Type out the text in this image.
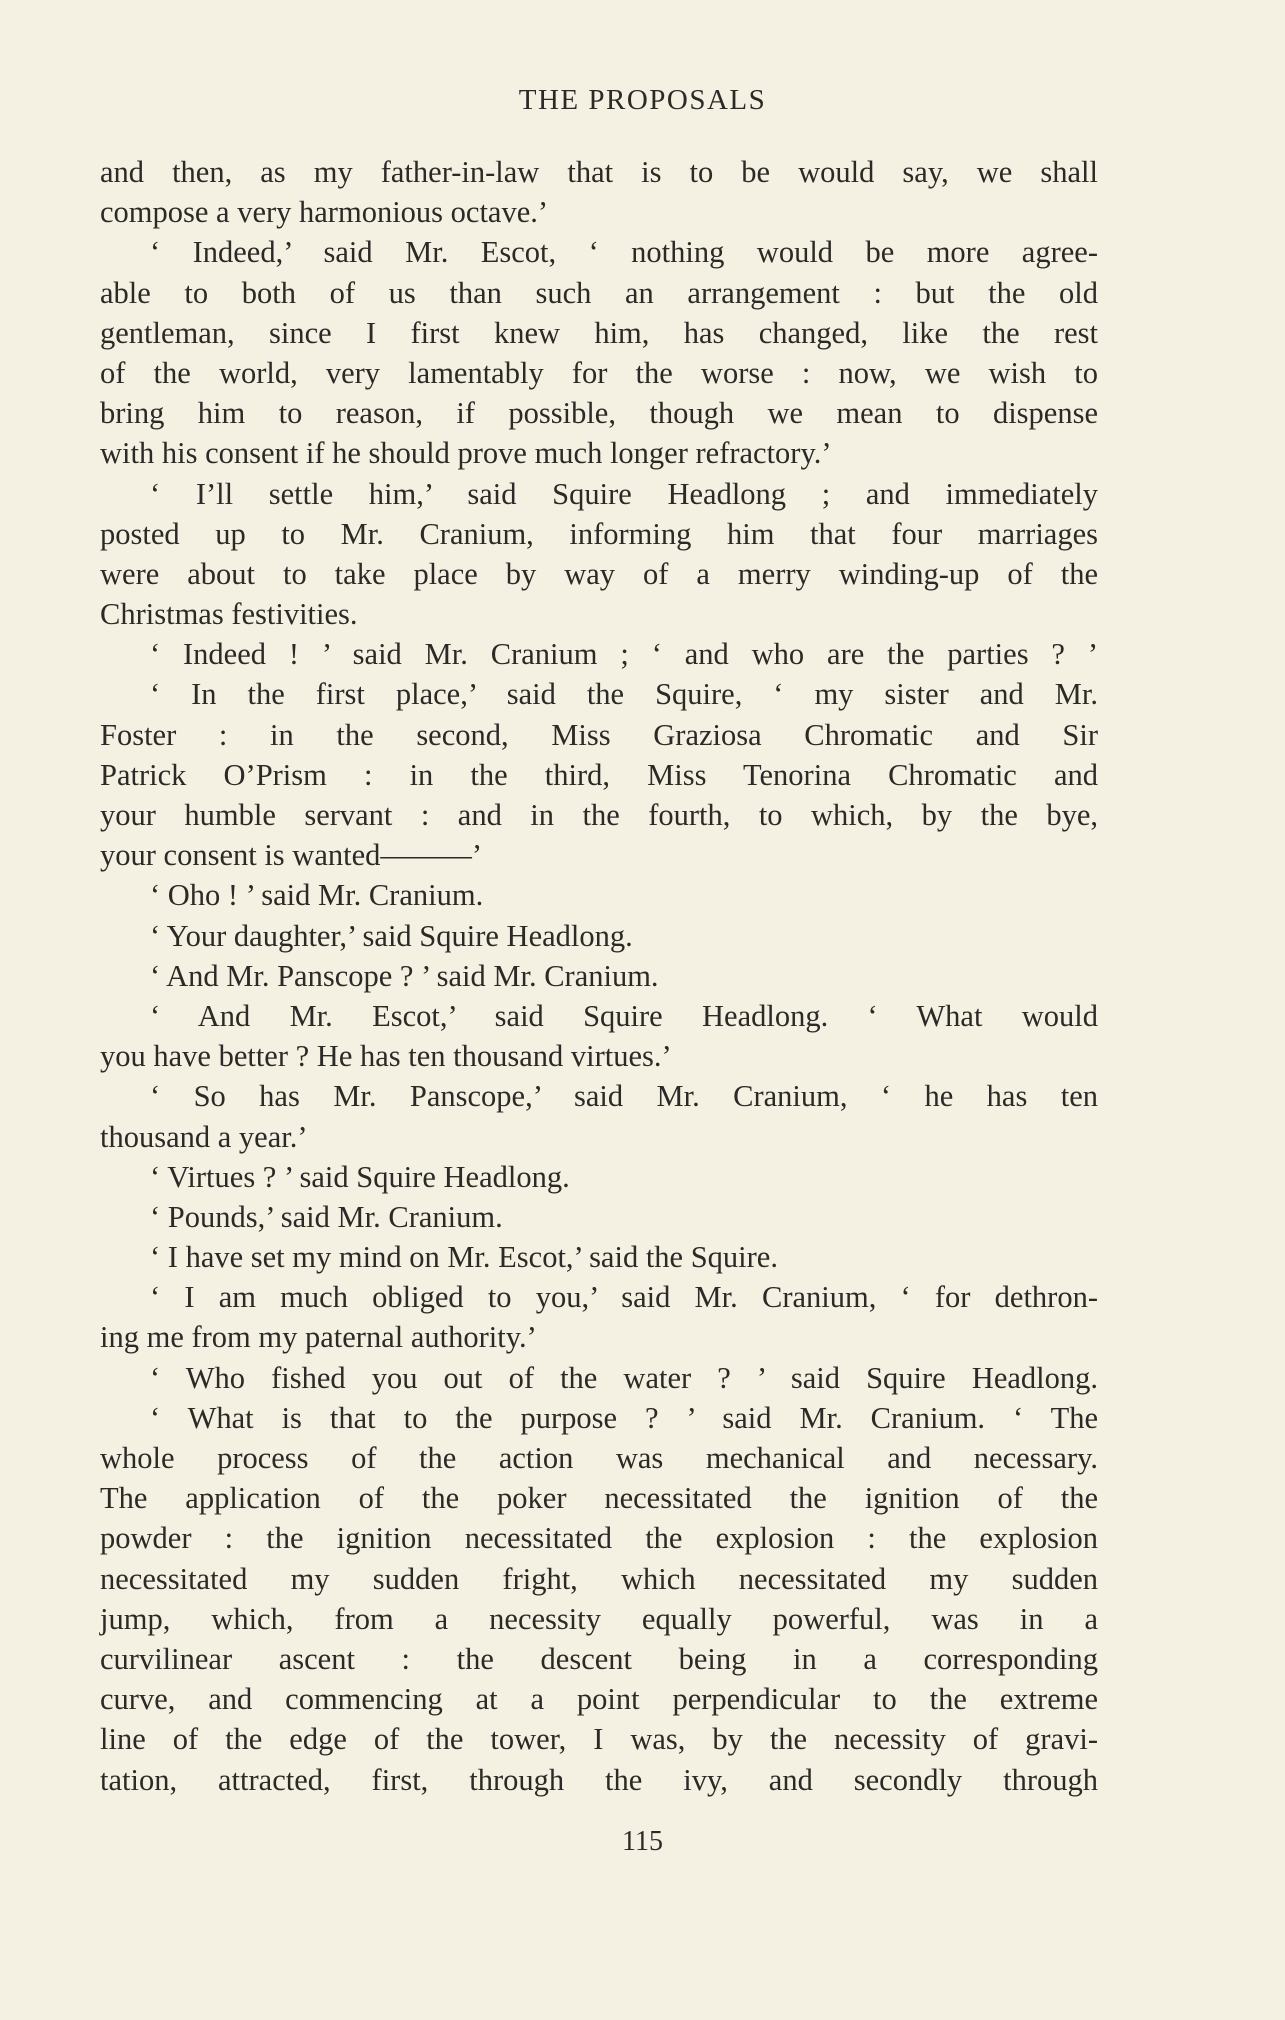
THE PROPOSALS
and then, as my father-in-law that is to be would say, we shall
compose a very harmonious octave.’
‘ Indeed,’ said Mr. Escot, ‘ nothing would be more agree-
able to both of us than such an arrangement : but the old
gentleman, since I first knew him, has changed, like the rest
of the world, very lamentably for the worse : now, we wish to
bring him to reason, if possible, though we mean to dispense
with his consent if he should prove much longer refractory.’
‘ I’ll settle him,’ said Squire Headlong ; and immediately
posted up to Mr. Cranium, informing him that four marriages
were about to take place by way of a merry winding-up of the
Christmas festivities.
‘ Indeed ! ’ said Mr. Cranium ; ‘ and who are the parties ? ’
‘ In the first place,’ said the Squire, ‘ my sister and Mr.
Foster : in the second, Miss Graziosa Chromatic and Sir
Patrick O’Prism : in the third, Miss Tenorina Chromatic and
your humble servant : and in the fourth, to which, by the bye,
your consent is wanted———’
‘ Oho ! ’ said Mr. Cranium.
‘ Your daughter,’ said Squire Headlong.
‘ And Mr. Panscope ? ’ said Mr. Cranium.
‘ And Mr. Escot,’ said Squire Headlong. ‘ What would
you have better ? He has ten thousand virtues.’
‘ So has Mr. Panscope,’ said Mr. Cranium, ‘ he has ten
thousand a year.’
‘ Virtues ? ’ said Squire Headlong.
‘ Pounds,’ said Mr. Cranium.
‘ I have set my mind on Mr. Escot,’ said the Squire.
‘ I am much obliged to you,’ said Mr. Cranium, ‘ for dethron-
ing me from my paternal authority.’
‘ Who fished you out of the water ? ’ said Squire Headlong.
‘ What is that to the purpose ? ’ said Mr. Cranium. ‘ The
whole process of the action was mechanical and necessary.
The application of the poker necessitated the ignition of the
powder : the ignition necessitated the explosion : the explosion
necessitated my sudden fright, which necessitated my sudden
jump, which, from a necessity equally powerful, was in a
curvilinear ascent : the descent being in a corresponding
curve, and commencing at a point perpendicular to the extreme
line of the edge of the tower, I was, by the necessity of gravi-
tation, attracted, first, through the ivy, and secondly through
115
